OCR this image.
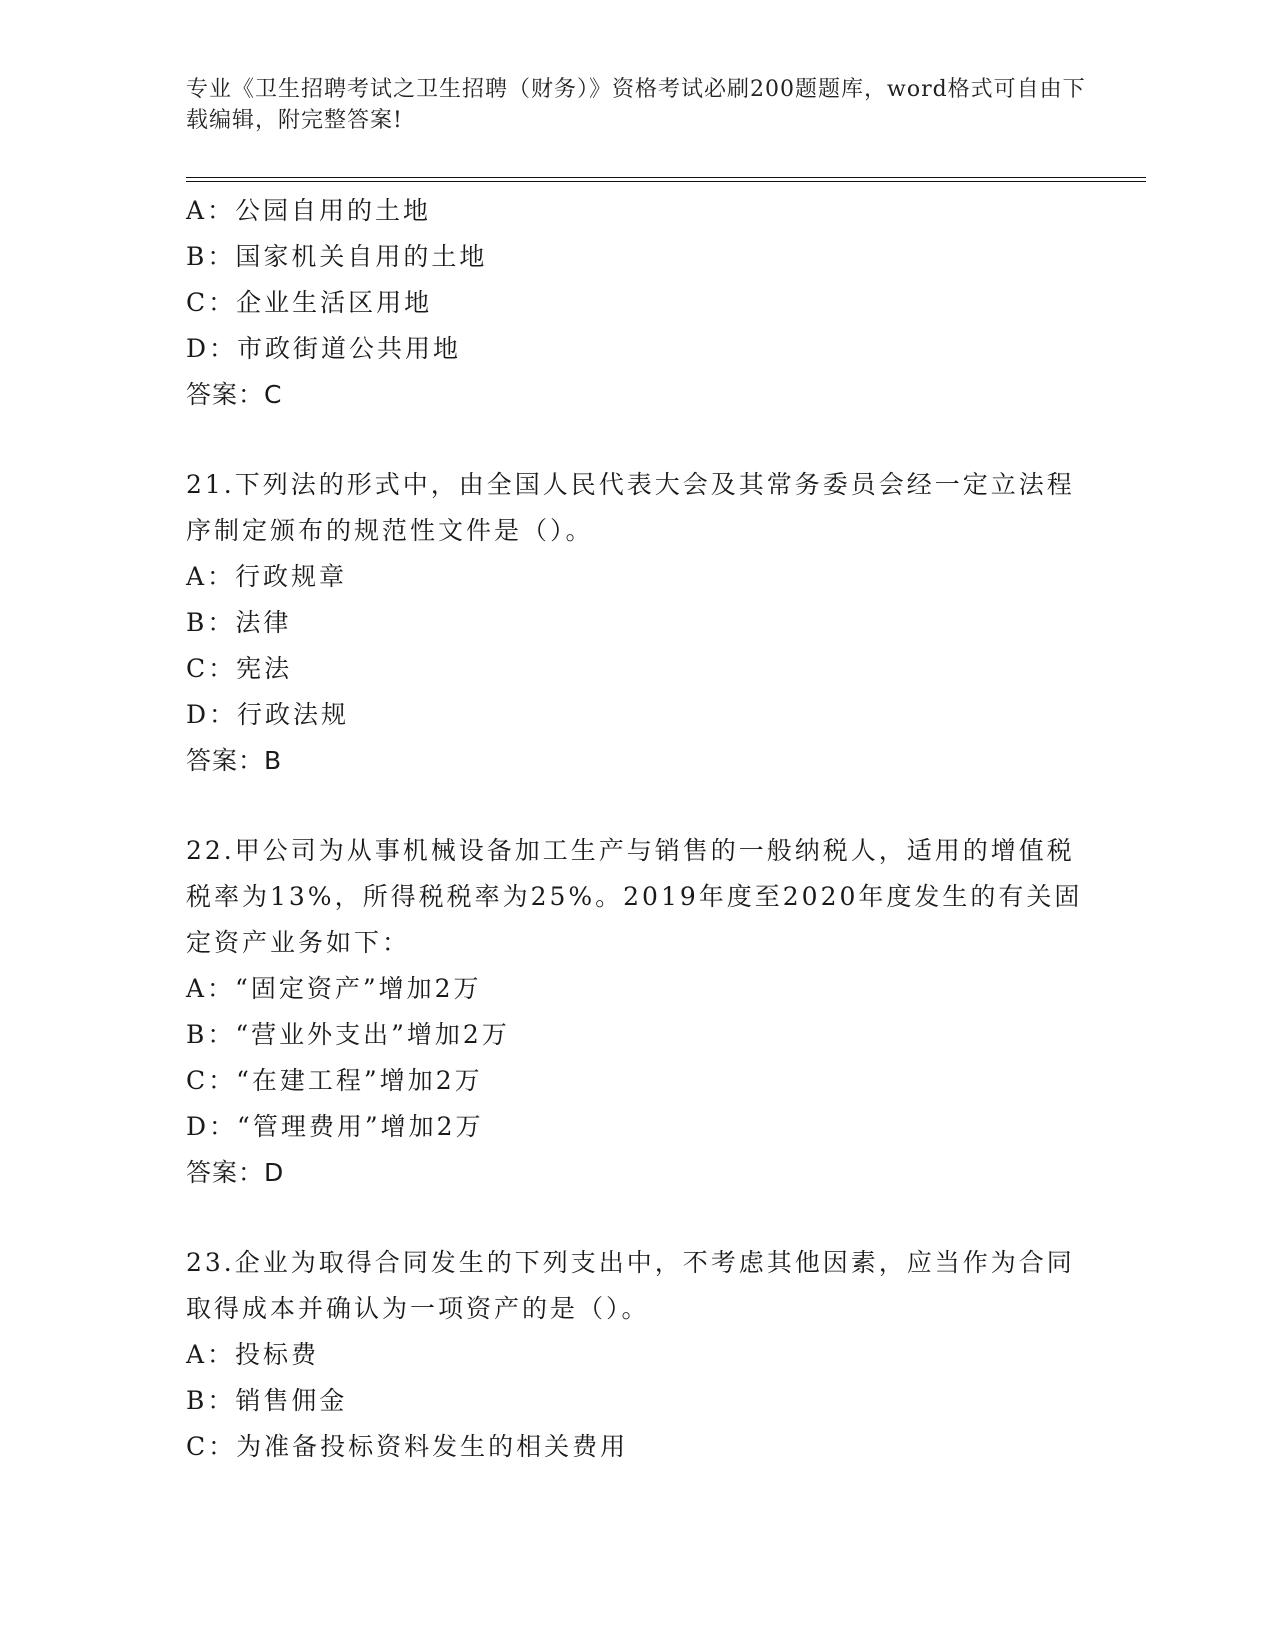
专业《卫生招聘考试之卫生招聘（财务）》资格考试必刷200题题库，word格式可自由下载编辑，附完整答案!
A：公园自用的土地
B：国家机关自用的土地
C：企业生活区用地
D：市政街道公共用地
答案：C
21.下列法的形式中，由全国人民代表大会及其常务委员会经一定立法程序制定颁布的规范性文件是（）。
A：行政规章
B：法律
C：宪法
D：行政法规
答案：B
22.甲公司为从事机械设备加工生产与销售的一般纳税人，适用的增值税税率为13%，所得税税率为25%。2019年度至2020年度发生的有关固定资产业务如下：
A：“固定资产”增加2万
B：“营业外支出”增加2万
C：“在建工程”增加2万
D：“管理费用”增加2万
答案：D
23.企业为取得合同发生的下列支出中，不考虑其他因素，应当作为合同取得成本并确认为一项资产的是（）。
A：投标费
B：销售佣金
C：为准备投标资料发生的相关费用
